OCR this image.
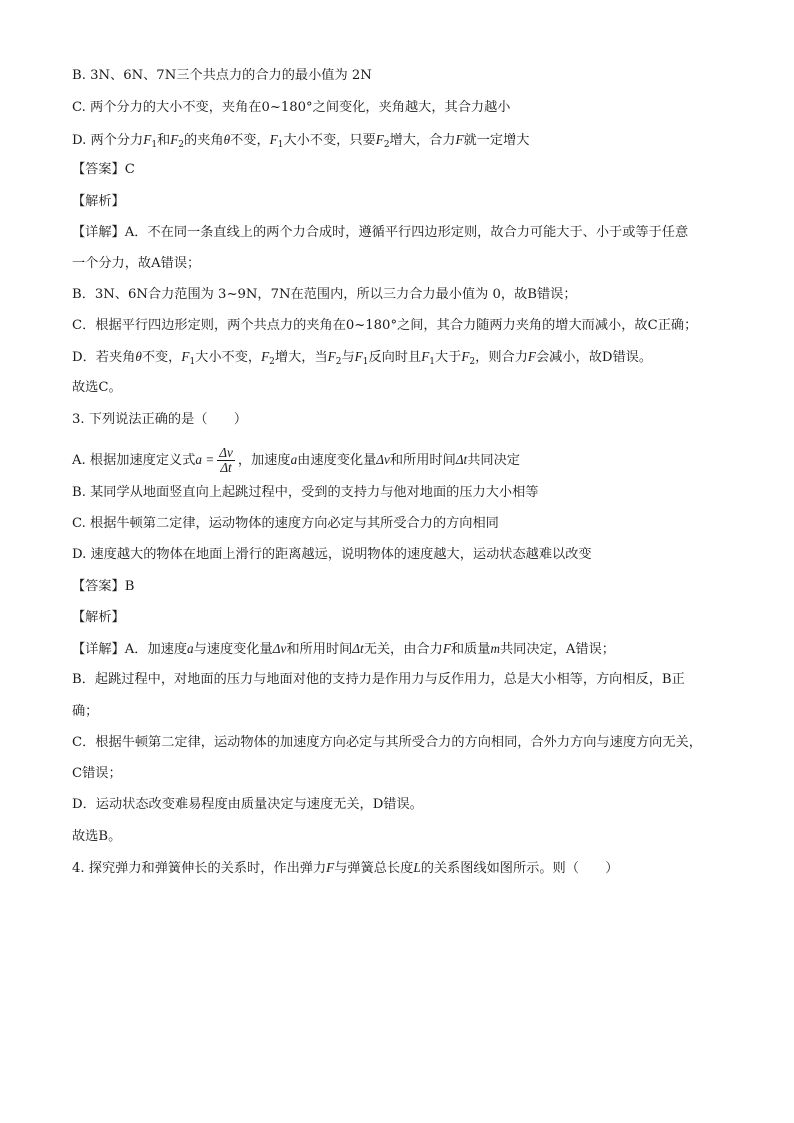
B. 3N、6N、7N三个共点力的合力的最小值为 2N
C. 两个分力的大小不变，夹角在0~180°之间变化，夹角越大，其合力越小
D. 两个分力$F_1$和$F_2$的夹角θ不变，$F_1$大小不变，只要$F_2$增大，合力F就一定增大
【答案】C
【解析】
【详解】A．不在同一条直线上的两个力合成时，遵循平行四边形定则，故合力可能大于、小于或等于任意
一个分力，故A错误；
B．3N、6N合力范围为 3~9N，7N在范围内，所以三力合力最小值为 0，故B错误；
C．根据平行四边形定则，两个共点力的夹角在0~180°之间，其合力随两力夹角的增大而减小，故C正确；
D．若夹角θ不变，$F_1$大小不变，$F_2$增大，当$F_2$与$F_1$反向时且$F_1$大于$F_2$，则合力F会减小，故D错误。
故选C。
3. 下列说法正确的是（　　）
A. 根据加速度定义式$a = \frac{\Delta v}{\Delta t}$ ，加速度a由速度变化量Δv和所用时间Δt共同决定
B. 某同学从地面竖直向上起跳过程中，受到的支持力与他对地面的压力大小相等
C. 根据牛顿第二定律，运动物体的速度方向必定与其所受合力的方向相同
D. 速度越大的物体在地面上滑行的距离越远，说明物体的速度越大，运动状态越难以改变
【答案】B
【解析】
【详解】A．加速度a与速度变化量Δv和所用时间Δt无关，由合力F和质量m共同决定，A错误；
B．起跳过程中，对地面的压力与地面对他的支持力是作用力与反作用力，总是大小相等，方向相反，B正
确；
C．根据牛顿第二定律，运动物体的加速度方向必定与其所受合力的方向相同，合外力方向与速度方向无关，
C错误；
D．运动状态改变难易程度由质量决定与速度无关，D错误。
故选B。
4. 探究弹力和弹簧伸长的关系时，作出弹力F与弹簧总长度L的关系图线如图所示。则（　　）
